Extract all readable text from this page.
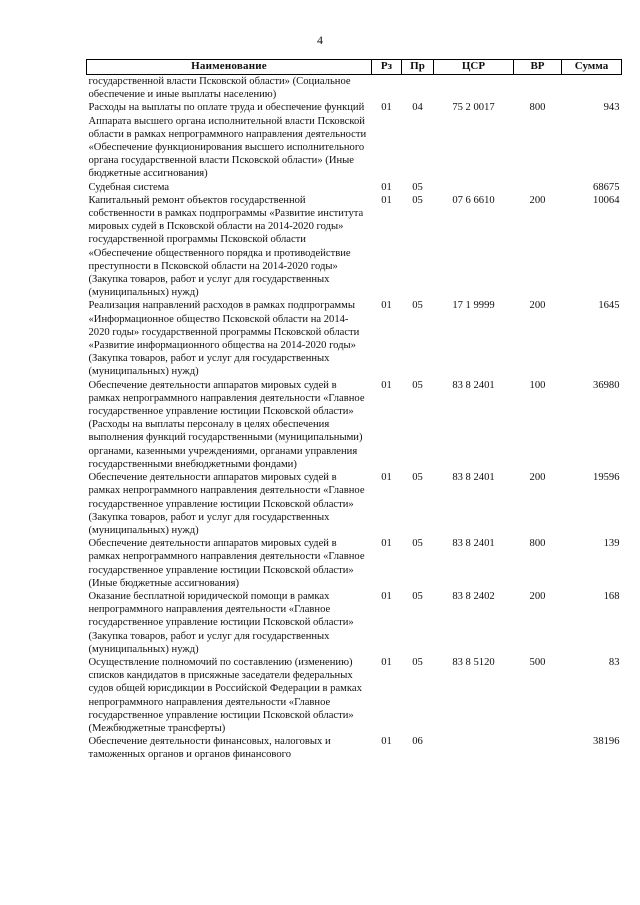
4
Наименование	Рз	Пр	ЦСР	ВР	Сумма
государственной власти Псковской области» (Социальное обеспечение и иные выплаты населению)					
Расходы на выплаты по оплате труда и обеспечение функций Аппарата высшего органа исполнительной власти Псковской области в рамках непрограммного направления деятельности «Обеспечение функционирования высшего исполнительного органа государственной власти Псковской области» (Иные бюджетные ассигнования)	01	04	75 2 0017	800	943
Судебная система	01	05			68675
Капитальный ремонт объектов государственной собственности в рамках подпрограммы «Развитие института мировых судей в Псковской области на 2014-2020 годы» государственной программы Псковской области «Обеспечение общественного порядка и противодействие преступности в Псковской области на 2014-2020 годы» (Закупка товаров, работ и услуг для государственных (муниципальных) нужд)	01	05	07 6 6610	200	10064
Реализация направлений расходов в рамках подпрограммы «Информационное общество Псковской области на 2014-2020 годы» государственной программы Псковской области «Развитие информационного общества на 2014-2020 годы» (Закупка товаров, работ и услуг для государственных (муниципальных) нужд)	01	05	17 1 9999	200	1645
Обеспечение деятельности аппаратов мировых судей в рамках непрограммного направления деятельности «Главное государственное управление юстиции Псковской области» (Расходы на выплаты персоналу в целях обеспечения выполнения функций государственными (муниципальными) органами, казенными учреждениями, органами управления государственными внебюджетными фондами)	01	05	83 8 2401	100	36980
Обеспечение деятельности аппаратов мировых судей в рамках непрограммного направления деятельности «Главное государственное управление юстиции Псковской области» (Закупка товаров, работ и услуг для государственных (муниципальных) нужд)	01	05	83 8 2401	200	19596
Обеспечение деятельности аппаратов мировых судей в рамках непрограммного направления деятельности «Главное государственное управление юстиции Псковской области» (Иные бюджетные ассигнования)	01	05	83 8 2401	800	139
Оказание бесплатной юридической помощи в рамках непрограммного направления деятельности «Главное государственное управление юстиции Псковской области» (Закупка товаров, работ и услуг для государственных (муниципальных) нужд)	01	05	83 8 2402	200	168
Осуществление полномочий по составлению (изменению) списков кандидатов в присяжные заседатели федеральных судов общей юрисдикции в Российской Федерации в рамках непрограммного направления деятельности «Главное государственное управление юстиции Псковской области» (Межбюджетные трансферты)	01	05	83 8 5120	500	83
Обеспечение деятельности финансовых, налоговых и таможенных органов и органов финансового	01	06			38196
